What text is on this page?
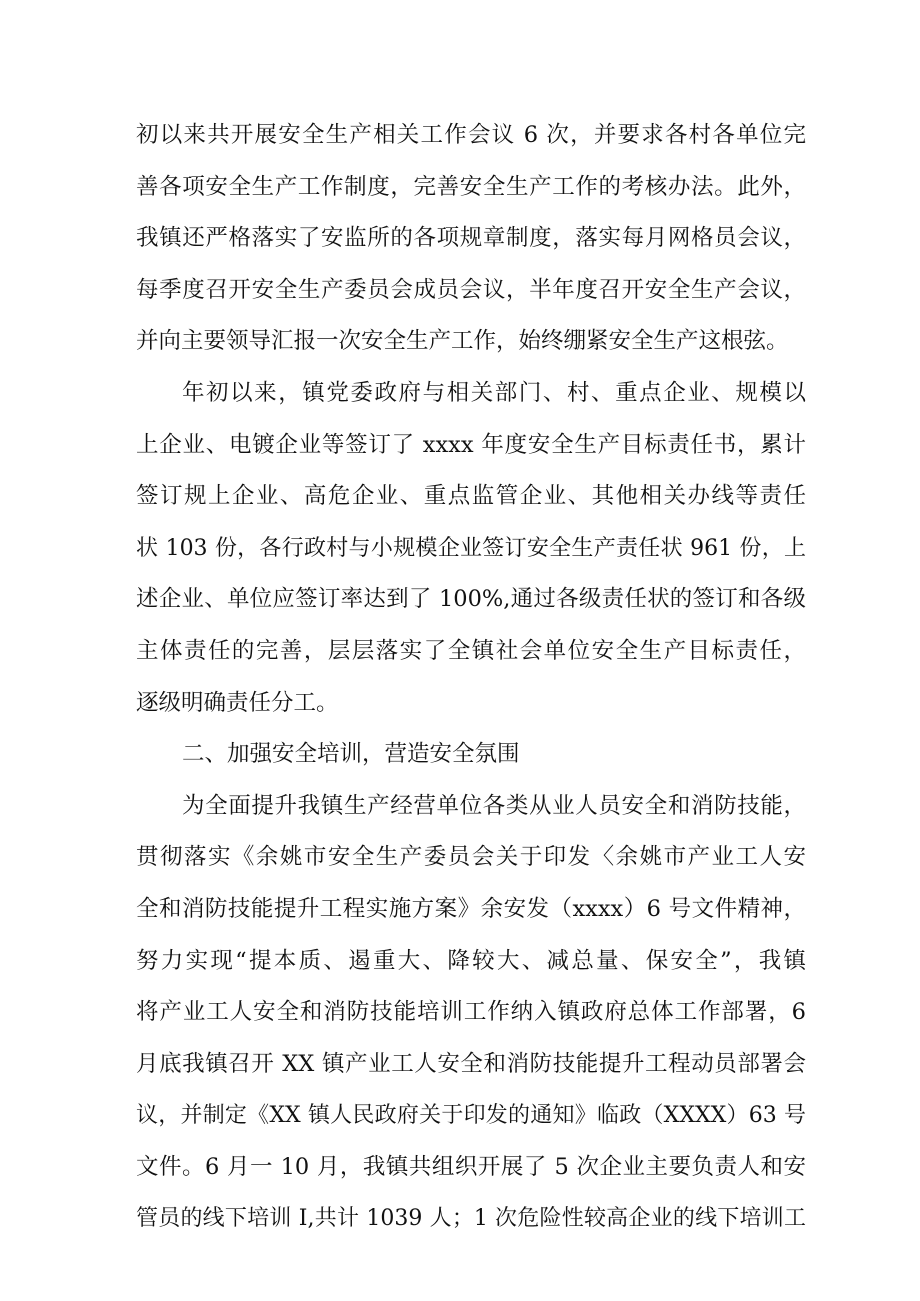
初以来共开展安全生产相关工作会议 6 次，并要求各村各单位完
善各项安全生产工作制度，完善安全生产工作的考核办法。此外，
我镇还严格落实了安监所的各项规章制度，落实每月网格员会议，
每季度召开安全生产委员会成员会议，半年度召开安全生产会议，
并向主要领导汇报一次安全生产工作，始终绷紧安全生产这根弦。
年初以来，镇党委政府与相关部门、村、重点企业、规模以
上企业、电镀企业等签订了 xxxx 年度安全生产目标责任书，累计
签订规上企业、高危企业、重点监管企业、其他相关办线等责任
状 103 份，各行政村与小规模企业签订安全生产责任状 961 份，上
述企业、单位应签订率达到了 100%,通过各级责任状的签订和各级
主体责任的完善，层层落实了全镇社会单位安全生产目标责任，
逐级明确责任分工。
二、加强安全培训，营造安全氛围
为全面提升我镇生产经营单位各类从业人员安全和消防技能，
贯彻落实《余姚市安全生产委员会关于印发〈余姚市产业工人安
全和消防技能提升工程实施方案》余安发（xxxx）6 号文件精神，
努力实现“提本质、遏重大、降较大、减总量、保安全”，我镇
将产业工人安全和消防技能培训工作纳入镇政府总体工作部署，6
月底我镇召开 XX 镇产业工人安全和消防技能提升工程动员部署会
议，并制定《XX 镇人民政府关于印发的通知》临政（XXXX）63 号
文件。6 月一 10 月，我镇共组织开展了 5 次企业主要负责人和安
管员的线下培训 I,共计 1039 人；1 次危险性较高企业的线下培训工
